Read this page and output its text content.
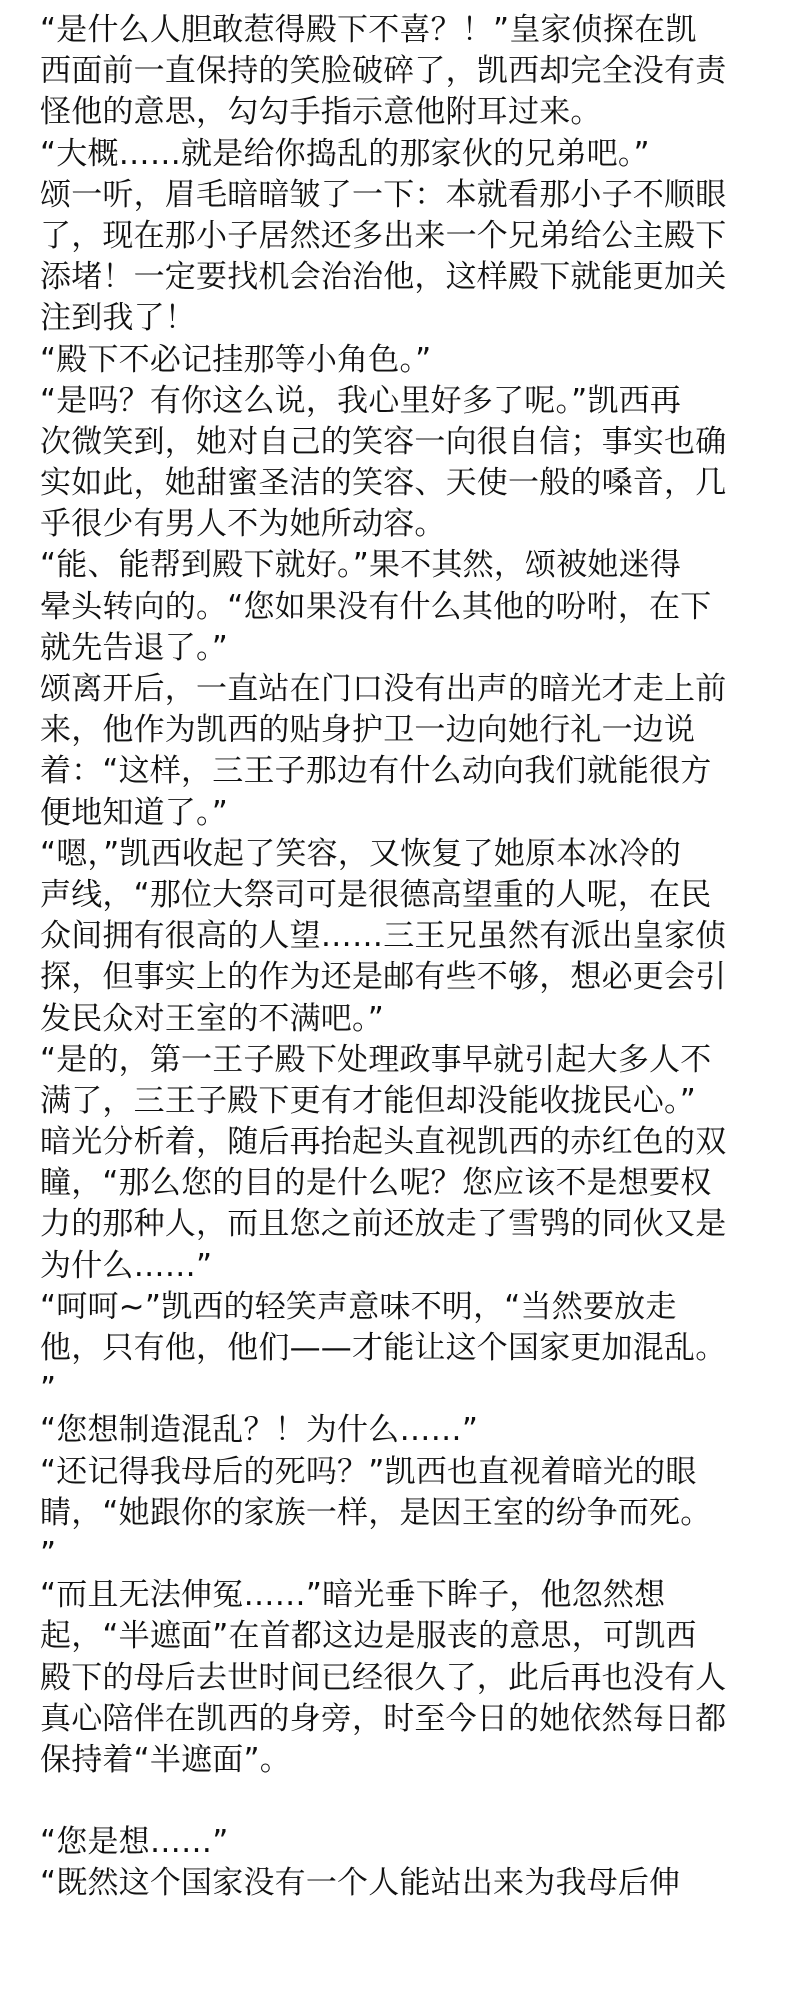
“是什么人胆敢惹得殿下不喜？！”皇家侦探在凯
西面前一直保持的笑脸破碎了，凯西却完全没有责
怪他的意思，勾勾手指示意他附耳过来。
“大概……就是给你捣乱的那家伙的兄弟吧。”
颂一听，眉毛暗暗皱了一下：本就看那小子不顺眼
了，现在那小子居然还多出来一个兄弟给公主殿下
添堵！一定要找机会治治他，这样殿下就能更加关
注到我了！
“殿下不必记挂那等小角色。”
“是吗？有你这么说，我心里好多了呢。”凯西再
次微笑到，她对自己的笑容一向很自信；事实也确
实如此，她甜蜜圣洁的笑容、天使一般的嗓音，几
乎很少有男人不为她所动容。
“能、能帮到殿下就好。”果不其然，颂被她迷得
晕头转向的。“您如果没有什么其他的吩咐，在下
就先告退了。”
颂离开后，一直站在门口没有出声的暗光才走上前
来，他作为凯西的贴身护卫一边向她行礼一边说
着：“这样，三王子那边有什么动向我们就能很方
便地知道了。”
“嗯，”凯西收起了笑容，又恢复了她原本冰冷的
声线，“那位大祭司可是很德高望重的人呢，在民
众间拥有很高的人望……三王兄虽然有派出皇家侦
探，但事实上的作为还是邮有些不够，想必更会引
发民众对王室的不满吧。”
“是的，第一王子殿下处理政事早就引起大多人不
满了，三王子殿下更有才能但却没能收拢民心。”
暗光分析着，随后再抬起头直视凯西的赤红色的双
瞳，“那么您的目的是什么呢？您应该不是想要权
力的那种人，而且您之前还放走了雪鸮的同伙又是
为什么……”
“呵呵~”凯西的轻笑声意味不明，“当然要放走
他，只有他，他们——才能让这个国家更加混乱。
”
“您想制造混乱？！为什么……”
“还记得我母后的死吗？”凯西也直视着暗光的眼
睛，“她跟你的家族一样，是因王室的纷争而死。
”
“而且无法伸冤……”暗光垂下眸子，他忽然想
起，“半遮面”在首都这边是服丧的意思，可凯西
殿下的母后去世时间已经很久了，此后再也没有人
真心陪伴在凯西的身旁，时至今日的她依然每日都
保持着“半遮面”。
“您是想……”
“既然这个国家没有一个人能站出来为我母后伸
